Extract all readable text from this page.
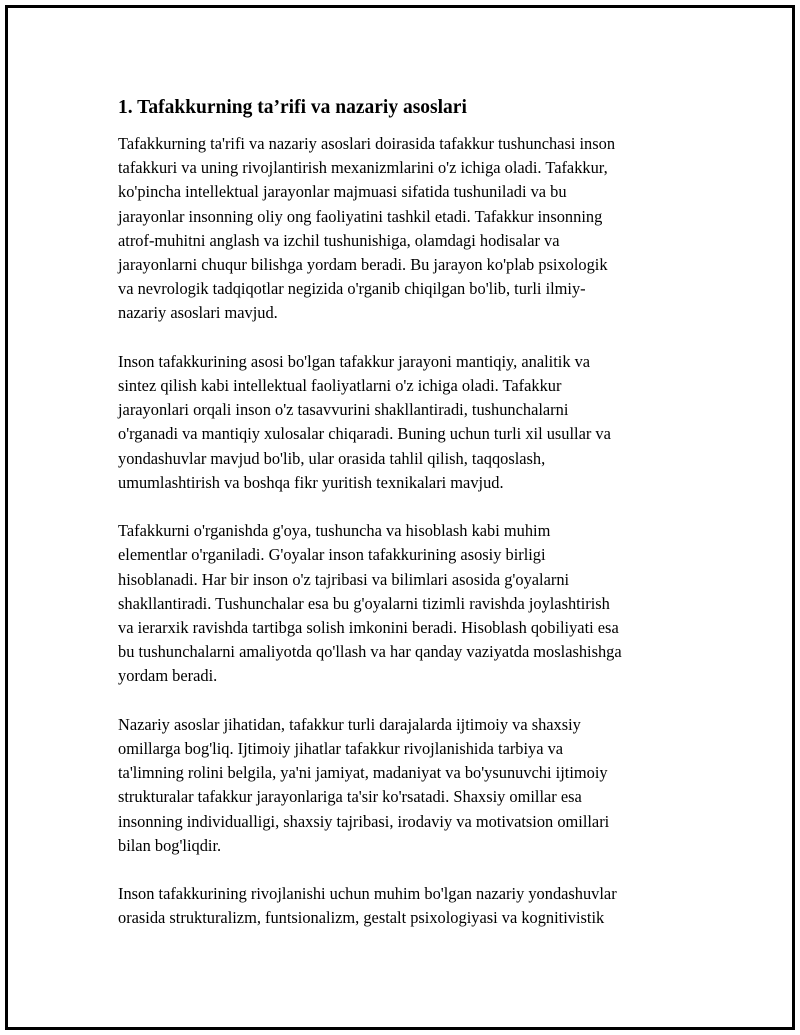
1. Tafakkurning ta’rifi va nazariy asoslari

Tafakkurning ta'rifi va nazariy asoslari doirasida tafakkur tushunchasi inson
tafakkuri va uning rivojlantirish mexanizmlarini o'z ichiga oladi. Tafakkur,
ko'pincha intellektual jarayonlar majmuasi sifatida tushuniladi va bu
jarayonlar insonning oliy ong faoliyatini tashkil etadi. Tafakkur insonning
atrof-muhitni anglash va izchil tushunishiga, olamdagi hodisalar va
jarayonlarni chuqur bilishga yordam beradi. Bu jarayon ko'plab psixologik
va nevrologik tadqiqotlar negizida o'rganib chiqilgan bo'lib, turli ilmiy-
nazariy asoslari mavjud.

Inson tafakkurining asosi bo'lgan tafakkur jarayoni mantiqiy, analitik va
sintez qilish kabi intellektual faoliyatlarni o'z ichiga oladi. Tafakkur
jarayonlari orqali inson o'z tasavvurini shakllantiradi, tushunchalarni
o'rganadi va mantiqiy xulosalar chiqaradi. Buning uchun turli xil usullar va
yondashuvlar mavjud bo'lib, ular orasida tahlil qilish, taqqoslash,
umumlashtirish va boshqa fikr yuritish texnikalari mavjud.

Tafakkurni o'rganishda g'oya, tushuncha va hisoblash kabi muhim
elementlar o'rganiladi. G'oyalar inson tafakkurining asosiy birligi
hisoblanadi. Har bir inson o'z tajribasi va bilimlari asosida g'oyalarni
shakllantiradi. Tushunchalar esa bu g'oyalarni tizimli ravishda joylashtirish
va ierarxik ravishda tartibga solish imkonini beradi. Hisoblash qobiliyati esa
bu tushunchalarni amaliyotda qo'llash va har qanday vaziyatda moslashishga
yordam beradi.

Nazariy asoslar jihatidan, tafakkur turli darajalarda ijtimoiy va shaxsiy
omillarga bog'liq. Ijtimoiy jihatlar tafakkur rivojlanishida tarbiya va
ta'limning rolini belgila, ya'ni jamiyat, madaniyat va bo'ysunuvchi ijtimoiy
strukturalar tafakkur jarayonlariga ta'sir ko'rsatadi. Shaxsiy omillar esa
insonning individualligi, shaxsiy tajribasi, irodaviy va motivatsion omillari
bilan bog'liqdir.

Inson tafakkurining rivojlanishi uchun muhim bo'lgan nazariy yondashuvlar
orasida strukturalizm, funtsionalizm, gestalt psixologiyasi va kognitivistik
